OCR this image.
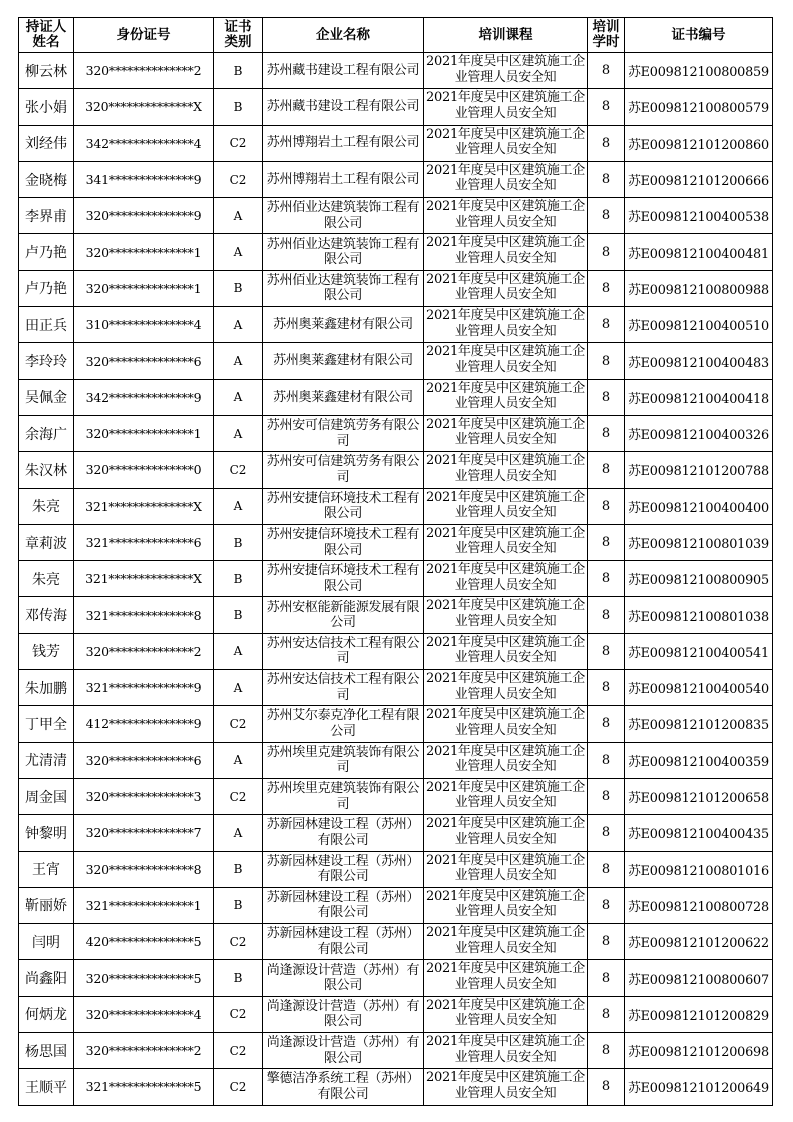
持证人姓名	身份证号	证书类别	企业名称	培训课程	培训学时	证书编号
柳云林	320**************2	B	苏州藏书建设工程有限公司	2021年度吴中区建筑施工企业管理人员安全知	8	苏E009812100800859
张小娟	320**************X	B	苏州藏书建设工程有限公司	2021年度吴中区建筑施工企业管理人员安全知	8	苏E009812100800579
刘经伟	342**************4	C2	苏州博翔岩土工程有限公司	2021年度吴中区建筑施工企业管理人员安全知	8	苏E009812101200860
金晓梅	341**************9	C2	苏州博翔岩土工程有限公司	2021年度吴中区建筑施工企业管理人员安全知	8	苏E009812101200666
李界甫	320**************9	A	苏州佰业达建筑装饰工程有限公司	2021年度吴中区建筑施工企业管理人员安全知	8	苏E009812100400538
卢乃艳	320**************1	A	苏州佰业达建筑装饰工程有限公司	2021年度吴中区建筑施工企业管理人员安全知	8	苏E009812100400481
卢乃艳	320**************1	B	苏州佰业达建筑装饰工程有限公司	2021年度吴中区建筑施工企业管理人员安全知	8	苏E009812100800988
田正兵	310**************4	A	苏州奥莱鑫建材有限公司	2021年度吴中区建筑施工企业管理人员安全知	8	苏E009812100400510
李玲玲	320**************6	A	苏州奥莱鑫建材有限公司	2021年度吴中区建筑施工企业管理人员安全知	8	苏E009812100400483
吴佩金	342**************9	A	苏州奥莱鑫建材有限公司	2021年度吴中区建筑施工企业管理人员安全知	8	苏E009812100400418
余海广	320**************1	A	苏州安可信建筑劳务有限公司	2021年度吴中区建筑施工企业管理人员安全知	8	苏E009812100400326
朱汉林	320**************0	C2	苏州安可信建筑劳务有限公司	2021年度吴中区建筑施工企业管理人员安全知	8	苏E009812101200788
朱亮	321**************X	A	苏州安捷信环境技术工程有限公司	2021年度吴中区建筑施工企业管理人员安全知	8	苏E009812100400400
章莉波	321**************6	B	苏州安捷信环境技术工程有限公司	2021年度吴中区建筑施工企业管理人员安全知	8	苏E009812100801039
朱亮	321**************X	B	苏州安捷信环境技术工程有限公司	2021年度吴中区建筑施工企业管理人员安全知	8	苏E009812100800905
邓传海	321**************8	B	苏州安枢能新能源发展有限公司	2021年度吴中区建筑施工企业管理人员安全知	8	苏E009812100801038
钱芳	320**************2	A	苏州安达信技术工程有限公司	2021年度吴中区建筑施工企业管理人员安全知	8	苏E009812100400541
朱加鹏	321**************9	A	苏州安达信技术工程有限公司	2021年度吴中区建筑施工企业管理人员安全知	8	苏E009812100400540
丁甲全	412**************9	C2	苏州艾尔泰克净化工程有限公司	2021年度吴中区建筑施工企业管理人员安全知	8	苏E009812101200835
尤清清	320**************6	A	苏州埃里克建筑装饰有限公司	2021年度吴中区建筑施工企业管理人员安全知	8	苏E009812100400359
周金国	320**************3	C2	苏州埃里克建筑装饰有限公司	2021年度吴中区建筑施工企业管理人员安全知	8	苏E009812101200658
钟黎明	320**************7	A	苏新园林建设工程（苏州）有限公司	2021年度吴中区建筑施工企业管理人员安全知	8	苏E009812100400435
王宵	320**************8	B	苏新园林建设工程（苏州）有限公司	2021年度吴中区建筑施工企业管理人员安全知	8	苏E009812100801016
靳丽娇	321**************1	B	苏新园林建设工程（苏州）有限公司	2021年度吴中区建筑施工企业管理人员安全知	8	苏E009812100800728
闫明	420**************5	C2	苏新园林建设工程（苏州）有限公司	2021年度吴中区建筑施工企业管理人员安全知	8	苏E009812101200622
尚鑫阳	320**************5	B	尚逢源设计营造（苏州）有限公司	2021年度吴中区建筑施工企业管理人员安全知	8	苏E009812100800607
何炳龙	320**************4	C2	尚逢源设计营造（苏州）有限公司	2021年度吴中区建筑施工企业管理人员安全知	8	苏E009812101200829
杨思国	320**************2	C2	尚逢源设计营造（苏州）有限公司	2021年度吴中区建筑施工企业管理人员安全知	8	苏E009812101200698
王顺平	321**************5	C2	擎德洁净系统工程（苏州）有限公司	2021年度吴中区建筑施工企业管理人员安全知	8	苏E009812101200649
